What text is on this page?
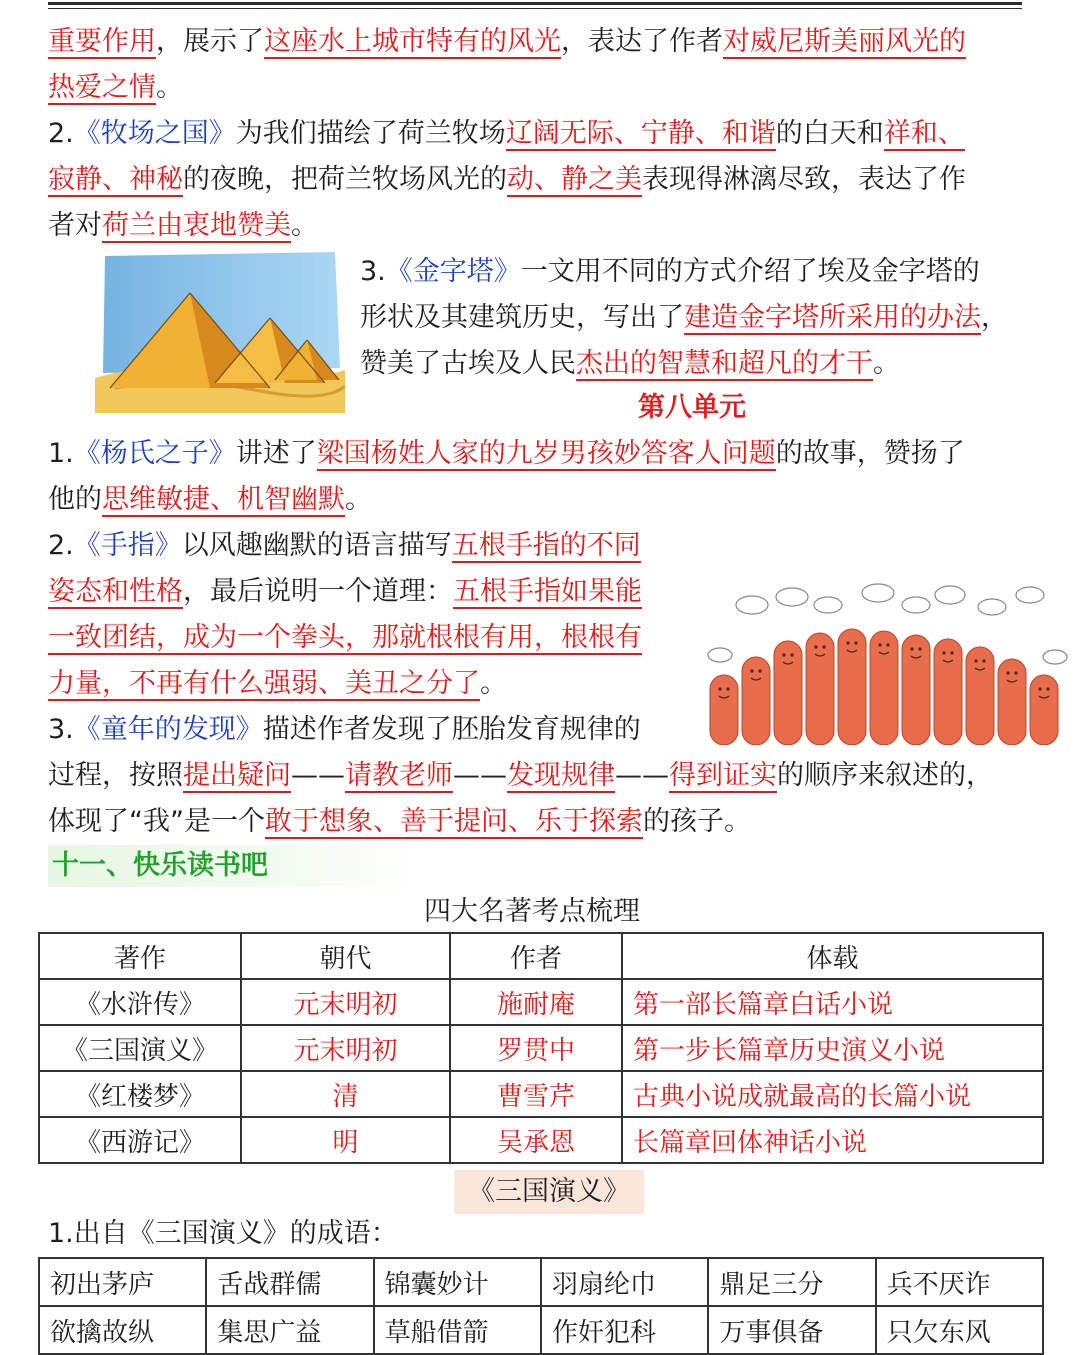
重要作用，展示了这座水上城市特有的风光，表达了作者对威尼斯美丽风光的
热爱之情。
2.《牧场之国》为我们描绘了荷兰牧场辽阔无际、宁静、和谐的白天和祥和、
寂静、神秘的夜晚，把荷兰牧场风光的动、静之美表现得淋漓尽致，表达了作
者对荷兰由衷地赞美。
3.《金字塔》一文用不同的方式介绍了埃及金字塔的
形状及其建筑历史，写出了建造金字塔所采用的办法，
赞美了古埃及人民杰出的智慧和超凡的才干。
第八单元
1.《杨氏之子》讲述了梁国杨姓人家的九岁男孩妙答客人问题的故事，赞扬了
他的思维敏捷、机智幽默。
2.《手指》以风趣幽默的语言描写五根手指的不同
姿态和性格，最后说明一个道理：五根手指如果能
一致团结，成为一个拳头，那就根根有用，根根有
力量，不再有什么强弱、美丑之分了。
3.《童年的发现》描述作者发现了胚胎发育规律的
过程，按照提出疑问——请教老师——发现规律——得到证实的顺序来叙述的，
体现了“我”是一个敢于想象、善于提问、乐于探索的孩子。
十一、快乐读书吧
四大名著考点梳理
著作	朝代	作者	体载
《水浒传》	元末明初	施耐庵	第一部长篇章白话小说
《三国演义》	元末明初	罗贯中	第一步长篇章历史演义小说
《红楼梦》	清	曹雪芹	古典小说成就最高的长篇小说
《西游记》	明	吴承恩	长篇章回体神话小说
《三国演义》
1.出自《三国演义》的成语：
初出茅庐	舌战群儒	锦囊妙计	羽扇纶巾	鼎足三分	兵不厌诈
欲擒故纵	集思广益	草船借箭	作奸犯科	万事俱备	只欠东风
